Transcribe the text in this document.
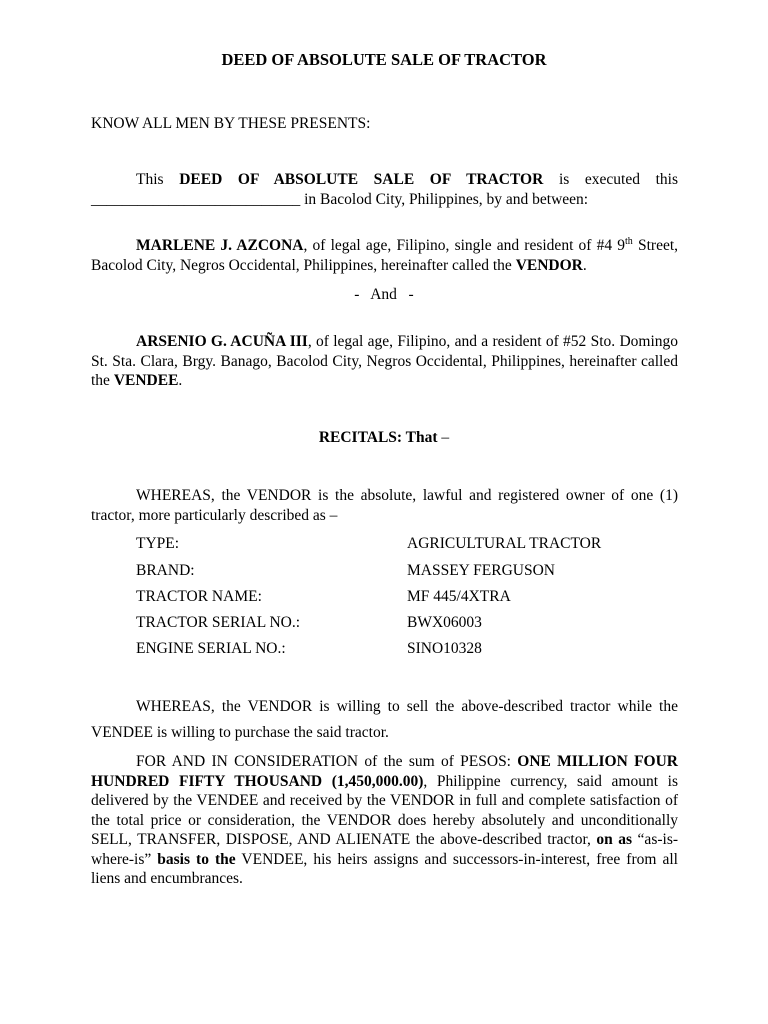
DEED OF ABSOLUTE SALE OF TRACTOR
KNOW ALL MEN BY THESE PRESENTS:
This DEED OF ABSOLUTE SALE OF TRACTOR is executed this ___________________________ in Bacolod City, Philippines, by and between:
MARLENE J. AZCONA, of legal age, Filipino, single and resident of #4 9th Street, Bacolod City, Negros Occidental, Philippines, hereinafter called the VENDOR.
-   And   -
ARSENIO G. ACUÑA III, of legal age, Filipino, and a resident of #52 Sto. Domingo St. Sta. Clara, Brgy. Banago, Bacolod City, Negros Occidental, Philippines, hereinafter called the VENDEE.
RECITALS: That –
WHEREAS, the VENDOR is the absolute, lawful and registered owner of one (1) tractor, more particularly described as –
TYPE:	AGRICULTURAL TRACTOR
BRAND:	MASSEY FERGUSON
TRACTOR NAME:	MF 445/4XTRA
TRACTOR SERIAL NO.:	BWX06003
ENGINE SERIAL NO.:	SINO10328
WHEREAS, the VENDOR is willing to sell the above-described tractor while the VENDEE is willing to purchase the said tractor.
FOR AND IN CONSIDERATION of the sum of PESOS: ONE MILLION FOUR HUNDRED FIFTY THOUSAND (1,450,000.00), Philippine currency, said amount is delivered by the VENDEE and received by the VENDOR in full and complete satisfaction of the total price or consideration, the VENDOR does hereby absolutely and unconditionally SELL, TRANSFER, DISPOSE, AND ALIENATE the above-described tractor, on as “as-is-where-is” basis to the VENDEE, his heirs assigns and successors-in-interest, free from all liens and encumbrances.
